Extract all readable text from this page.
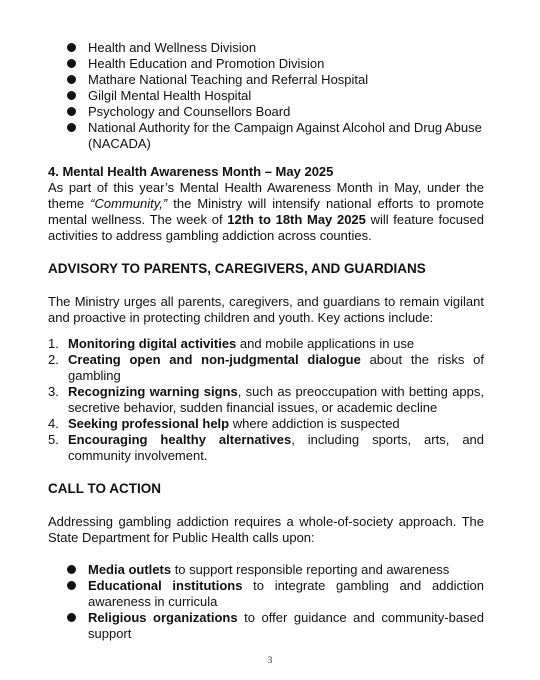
Health and Wellness Division
Health Education and Promotion Division
Mathare National Teaching and Referral Hospital
Gilgil Mental Health Hospital
Psychology and Counsellors Board
National Authority for the Campaign Against Alcohol and Drug Abuse (NACADA)
4. Mental Health Awareness Month – May 2025

As part of this year’s Mental Health Awareness Month in May, under the theme “Community,” the Ministry will intensify national efforts to promote mental wellness. The week of 12th to 18th May 2025 will feature focused activities to address gambling addiction across counties.

ADVISORY TO PARENTS, CAREGIVERS, AND GUARDIANS

The Ministry urges all parents, caregivers, and guardians to remain vigilant and proactive in protecting children and youth. Key actions include:

1. Monitoring digital activities and mobile applications in use
2. Creating open and non-judgmental dialogue about the risks of gambling
3. Recognizing warning signs, such as preoccupation with betting apps, secretive behavior, sudden financial issues, or academic decline
4. Seeking professional help where addiction is suspected
5. Encouraging healthy alternatives, including sports, arts, and community involvement.
CALL TO ACTION

Addressing gambling addiction requires a whole-of-society approach. The State Department for Public Health calls upon:

Media outlets to support responsible reporting and awareness
Educational institutions to integrate gambling and addiction awareness in curricula
Religious organizations to offer guidance and community-based support
3
